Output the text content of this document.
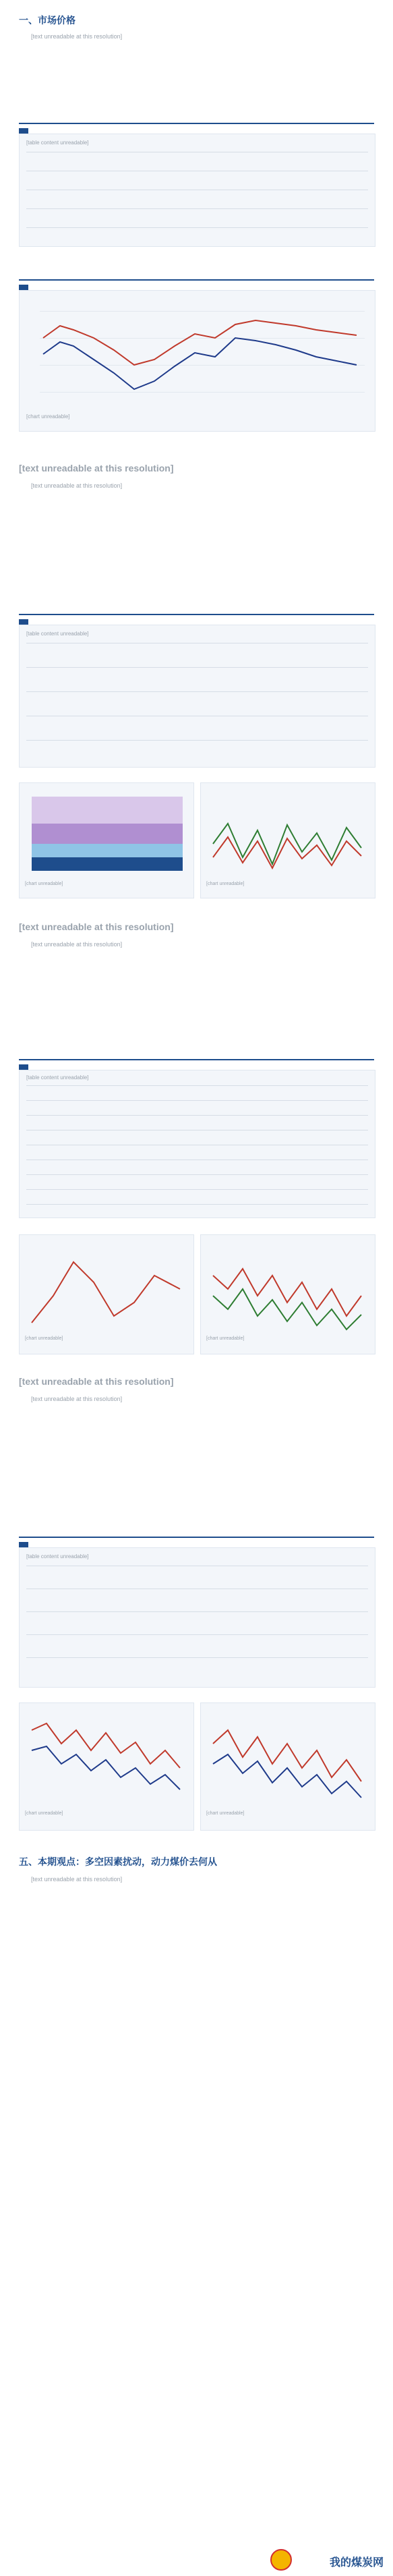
一、市场价格

[text unreadable at this resolution]

[table content unreadable]

[chart unreadable]
[text unreadable at this resolution]

[text unreadable at this resolution]

[table content unreadable]
[chart unreadable]	[chart unreadable]
[text unreadable at this resolution]

[text unreadable at this resolution]

[table content unreadable]
[chart unreadable]	[chart unreadable]
[text unreadable at this resolution]

[text unreadable at this resolution]

[table content unreadable]
[chart unreadable]	[chart unreadable]
五、本期观点：多空因素扰动，动力煤价去何从

[text unreadable at this resolution]

我的煤炭网
